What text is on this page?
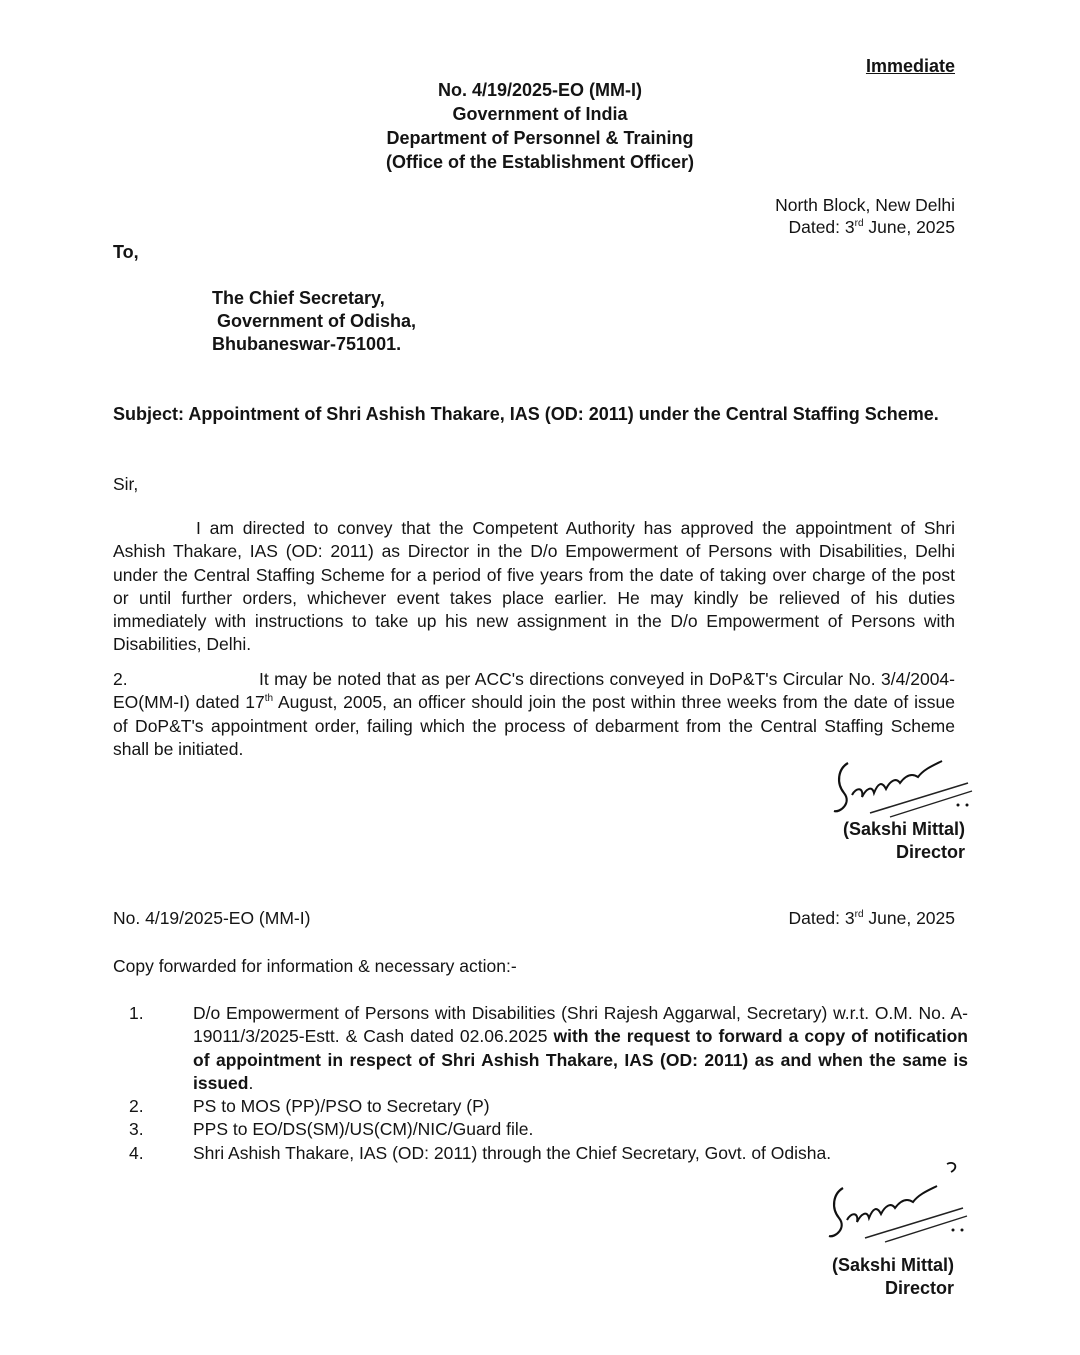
Immediate
No. 4/19/2025-EO (MM-I)
Government of India
Department of Personnel & Training
(Office of the Establishment Officer)
North Block, New Delhi
Dated: 3rd June, 2025
To,
The Chief Secretary,
Government of Odisha,
Bhubaneswar-751001.
Subject: Appointment of Shri Ashish Thakare, IAS (OD: 2011) under the Central Staffing Scheme.
Sir,
I am directed to convey that the Competent Authority has approved the appointment of Shri Ashish Thakare, IAS (OD: 2011) as Director in the D/o Empowerment of Persons with Disabilities, Delhi under the Central Staffing Scheme for a period of five years from the date of taking over charge of the post or until further orders, whichever event takes place earlier. He may kindly be relieved of his duties immediately with instructions to take up his new assignment in the D/o Empowerment of Persons with Disabilities, Delhi.
2.	It may be noted that as per ACC's directions conveyed in DoP&T's Circular No. 3/4/2004-EO(MM-I) dated 17th August, 2005, an officer should join the post within three weeks from the date of issue of DoP&T's appointment order, failing which the process of debarment from the Central Staffing Scheme shall be initiated.
(Sakshi Mittal)
Director
No. 4/19/2025-EO (MM-I)	Dated: 3rd June, 2025
Copy forwarded for information & necessary action:-
1.	D/o Empowerment of Persons with Disabilities (Shri Rajesh Aggarwal, Secretary) w.r.t. O.M. No. A-19011/3/2025-Estt. & Cash dated 02.06.2025 with the request to forward a copy of notification of appointment in respect of Shri Ashish Thakare, IAS (OD: 2011) as and when the same is issued.
2.	PS to MOS (PP)/PSO to Secretary (P)
3.	PPS to EO/DS(SM)/US(CM)/NIC/Guard file.
4.	Shri Ashish Thakare, IAS (OD: 2011) through the Chief Secretary, Govt. of Odisha.
(Sakshi Mittal)
Director
